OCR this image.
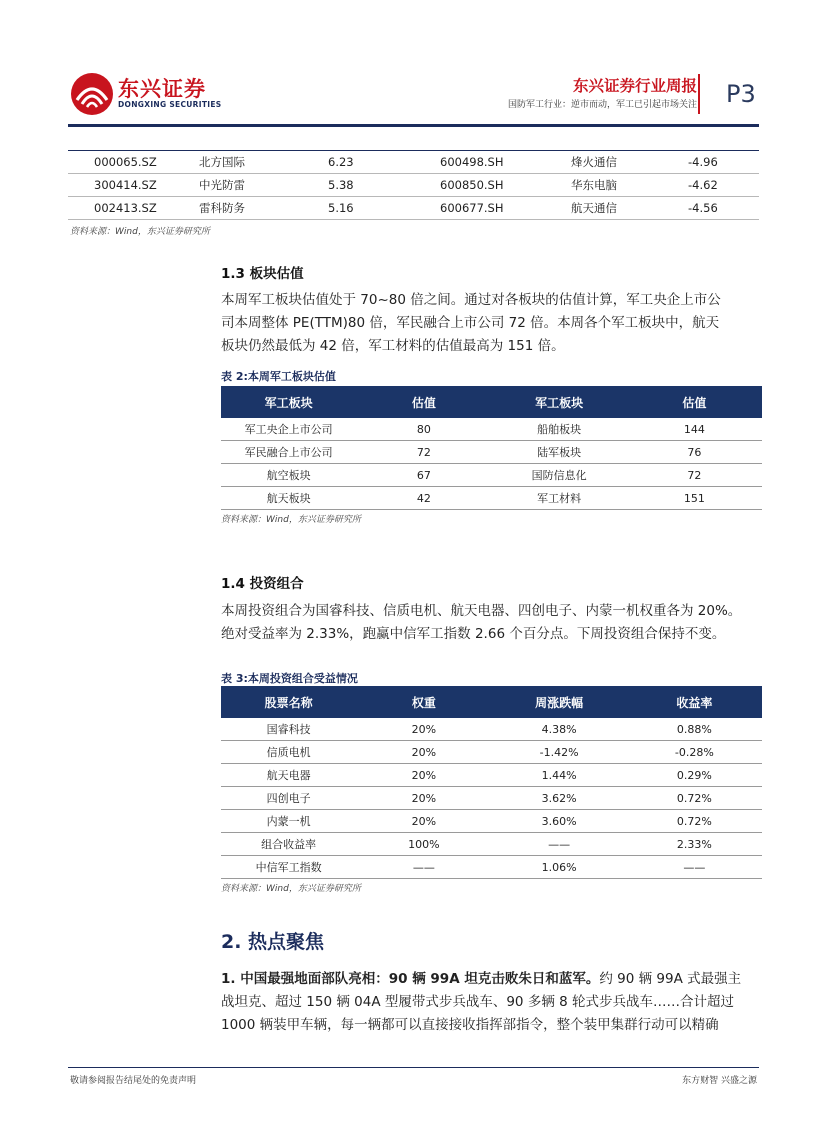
东兴证券
DONGXING SECURITIES
东兴证券行业周报
国防军工行业：逆市而动，军工已引起市场关注 P3
000065.SZ	北方国际	6.23	600498.SH	烽火通信	-4.96
300414.SZ	中光防雷	5.38	600850.SH	华东电脑	-4.62
002413.SZ	雷科防务	5.16	600677.SH	航天通信	-4.56
资料来源：Wind，东兴证券研究所
1.3 板块估值
本周军工板块估值处于 70~80 倍之间。通过对各板块的估值计算，军工央企上市公
司本周整体 PE(TTM)80 倍，军民融合上市公司 72 倍。本周各个军工板块中，航天
板块仍然最低为 42 倍，军工材料的估值最高为 151 倍。
表 2:本周军工板块估值
军工板块	估值	军工板块	估值
军工央企上市公司	80	船舶板块	144
军民融合上市公司	72	陆军板块	76
航空板块	67	国防信息化	72
航天板块	42	军工材料	151
资料来源：Wind，东兴证券研究所
1.4 投资组合
本周投资组合为国睿科技、信质电机、航天电器、四创电子、内蒙一机权重各为 20%。
绝对受益率为 2.33%，跑赢中信军工指数 2.66 个百分点。下周投资组合保持不变。
表 3:本周投资组合受益情况
股票名称	权重	周涨跌幅	收益率
国睿科技	20%	4.38%	0.88%
信质电机	20%	-1.42%	-0.28%
航天电器	20%	1.44%	0.29%
四创电子	20%	3.62%	0.72%
内蒙一机	20%	3.60%	0.72%
组合收益率	100%	——	2.33%
中信军工指数	——	1.06%	——
资料来源：Wind，东兴证券研究所
2. 热点聚焦
1. 中国最强地面部队亮相：90 辆 99A 坦克击败朱日和蓝军。约 90 辆 99A 式最强主
战坦克、超过 150 辆 04A 型履带式步兵战车、90 多辆 8 轮式步兵战车……合计超过
1000 辆装甲车辆，每一辆都可以直接接收指挥部指令，整个装甲集群行动可以精确
敬请参阅报告结尾处的免责声明	东方财智 兴盛之源
